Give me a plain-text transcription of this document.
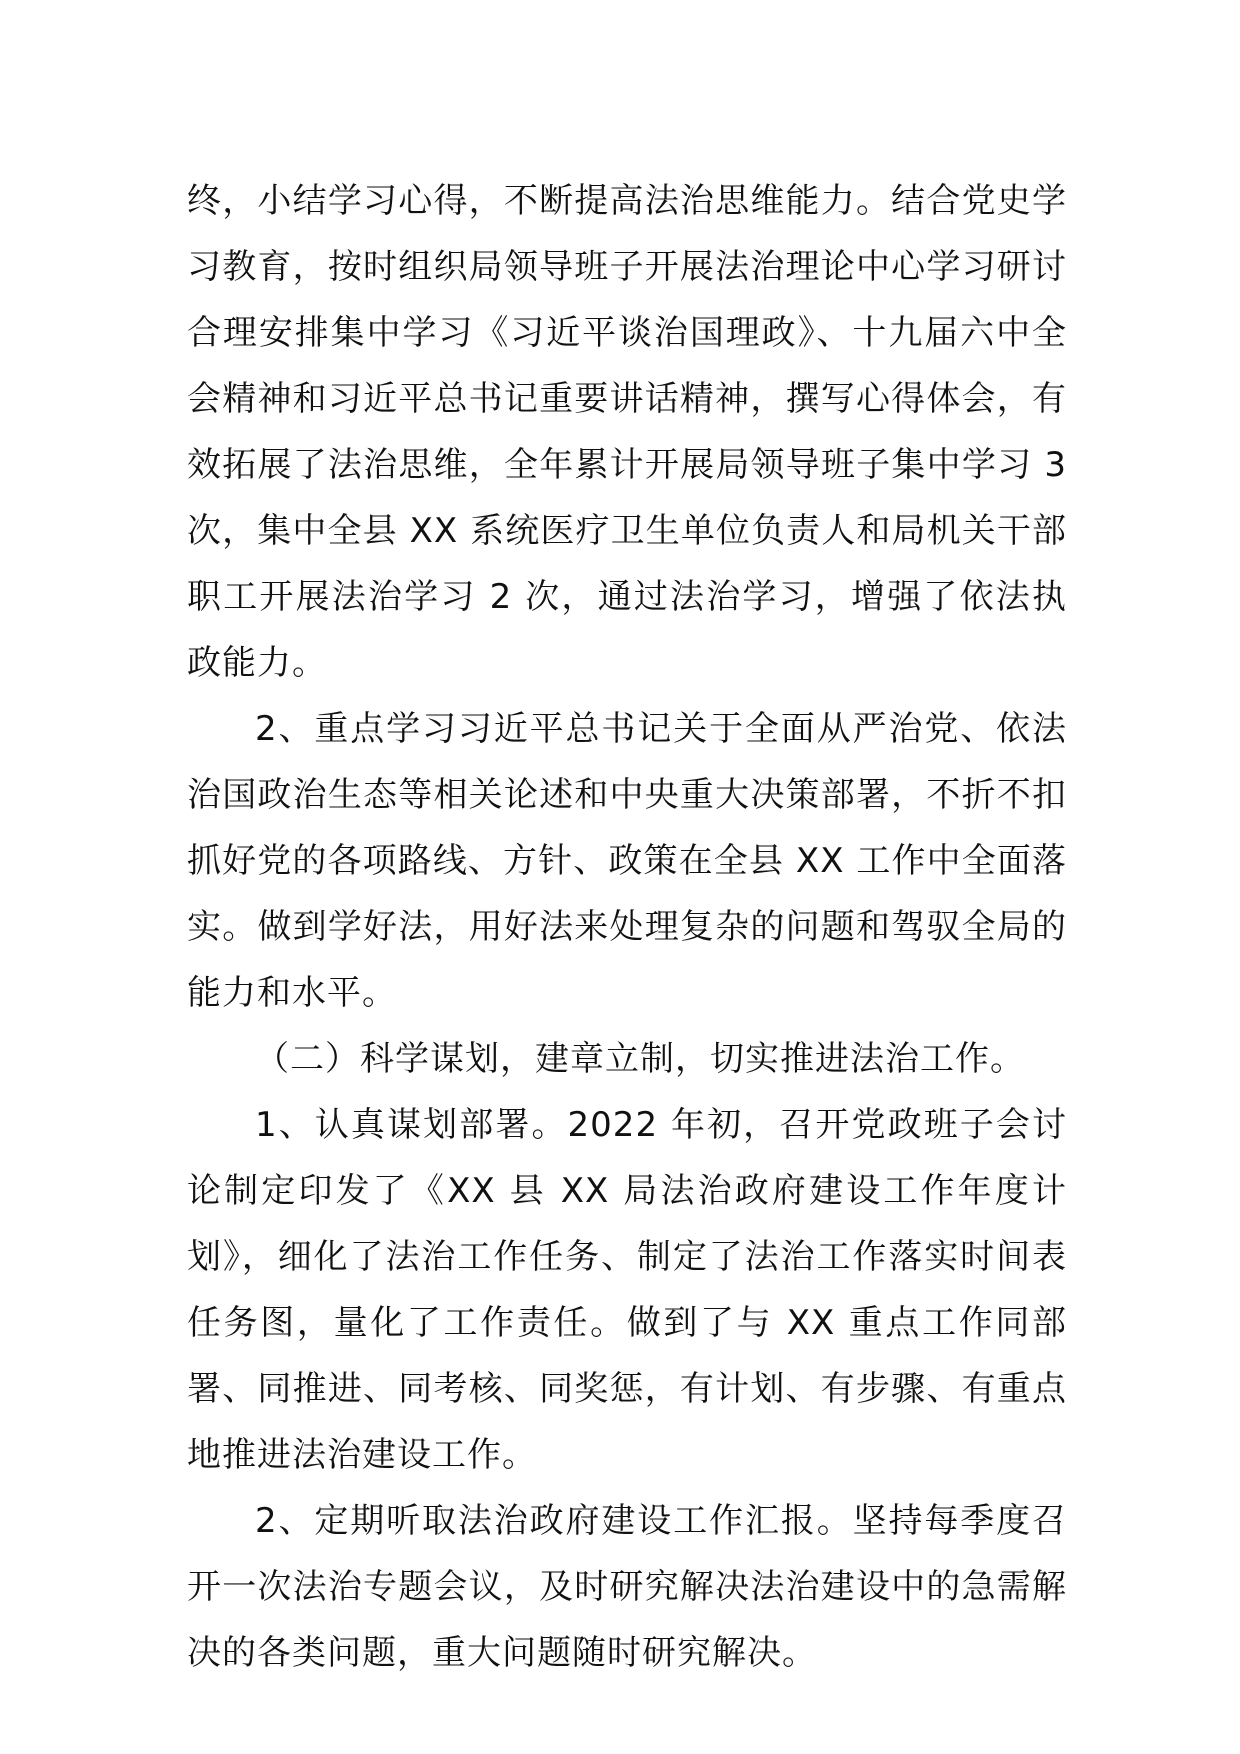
终，小结学习心得，不断提高法治思维能力。结合党史学习教育，按时组织局领导班子开展法治理论中心学习研讨合理安排集中学习《习近平谈治国理政》、十九届六中全会精神和习近平总书记重要讲话精神，撰写心得体会，有效拓展了法治思维，全年累计开展局领导班子集中学习 3 次，集中全县 XX 系统医疗卫生单位负责人和局机关干部职工开展法治学习 2 次，通过法治学习，增强了依法执政能力。

2、重点学习习近平总书记关于全面从严治党、依法治国政治生态等相关论述和中央重大决策部署，不折不扣抓好党的各项路线、方针、政策在全县 XX 工作中全面落实。做到学好法，用好法来处理复杂的问题和驾驭全局的能力和水平。

（二）科学谋划，建章立制，切实推进法治工作。

1、认真谋划部署。2022 年初，召开党政班子会讨论制定印发了《XX 县 XX 局法治政府建设工作年度计划》，细化了法治工作任务、制定了法治工作落实时间表任务图，量化了工作责任。做到了与 XX 重点工作同部署、同推进、同考核、同奖惩，有计划、有步骤、有重点地推进法治建设工作。

2、定期听取法治政府建设工作汇报。坚持每季度召开一次法治专题会议，及时研究解决法治建设中的急需解决的各类问题，重大问题随时研究解决。
